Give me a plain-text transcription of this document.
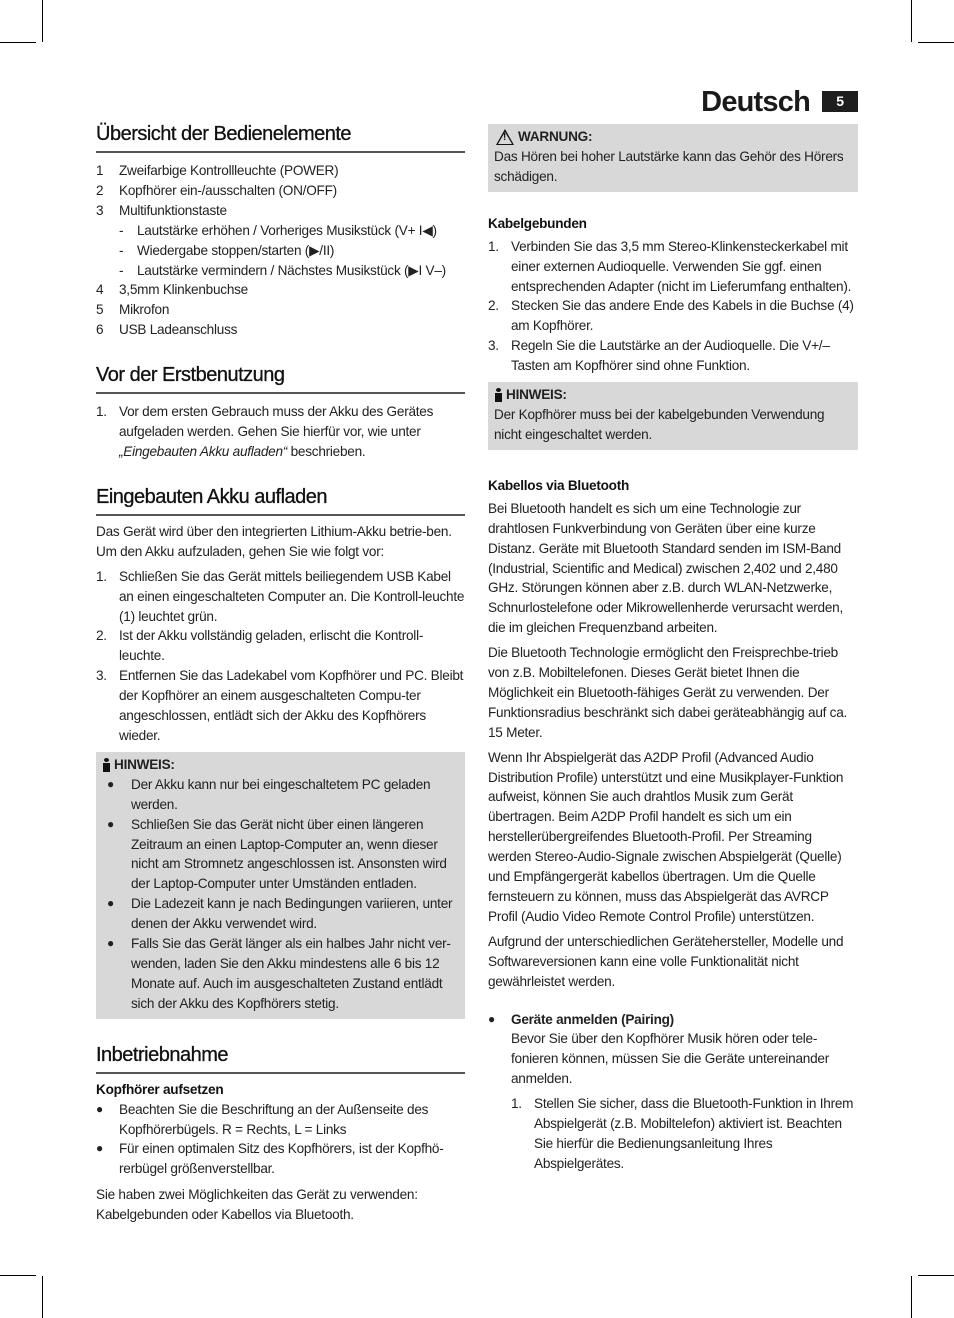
Deutsch	5
Übersicht der Bedienelemente
1 Zweifarbige Kontrollleuchte (POWER)
2 Kopfhörer ein-/ausschalten (ON/OFF)
3 Multifunktionstaste
- Lautstärke erhöhen / Vorheriges Musikstück (V+ I◀)
- Wiedergabe stoppen/starten (▶/II)
- Lautstärke vermindern / Nächstes Musikstück (▶I V–)
4 3,5mm Klinkenbuchse
5 Mikrofon
6 USB Ladeanschluss
Vor der Erstbenutzung
1. Vor dem ersten Gebrauch muss der Akku des Gerätes aufgeladen werden. Gehen Sie hierfür vor, wie unter „Eingebauten Akku aufladen“ beschrieben.
Eingebauten Akku aufladen

Das Gerät wird über den integrierten Lithium-Akku betrie-ben. Um den Akku aufzuladen, gehen Sie wie folgt vor:

1. Schließen Sie das Gerät mittels beiliegendem USB Kabel an einen eingeschalteten Computer an. Die Kontroll-leuchte (1) leuchtet grün.
2. Ist der Akku vollständig geladen, erlischt die Kontroll-leuchte.
3. Entfernen Sie das Ladekabel vom Kopfhörer und PC. Bleibt der Kopfhörer an einem ausgeschalteten Compu-ter angeschlossen, entlädt sich der Akku des Kopfhörers wieder.
HINWEIS:
● Der Akku kann nur bei eingeschaltetem PC geladen werden.
● Schließen Sie das Gerät nicht über einen längeren Zeitraum an einen Laptop-Computer an, wenn dieser nicht am Stromnetz angeschlossen ist. Ansonsten wird der Laptop-Computer unter Umständen entladen.
● Die Ladezeit kann je nach Bedingungen variieren, unter denen der Akku verwendet wird.
● Falls Sie das Gerät länger als ein halbes Jahr nicht ver-wenden, laden Sie den Akku mindestens alle 6 bis 12 Monate auf. Auch im ausgeschalteten Zustand entlädt sich der Akku des Kopfhörers stetig.
Inbetriebnahme
Kopfhörer aufsetzen
● Beachten Sie die Beschriftung an der Außenseite des Kopfhörerbügels. R = Rechts, L = Links
● Für einen optimalen Sitz des Kopfhörers, ist der Kopfhö-rerbügel größenverstellbar.

Sie haben zwei Möglichkeiten das Gerät zu verwenden: Kabelgebunden oder Kabellos via Bluetooth.

!
WARNUNG:

Das Hören bei hoher Lautstärke kann das Gehör des Hörers schädigen.

Kabelgebunden
1. Verbinden Sie das 3,5 mm Stereo-Klinkensteckerkabel mit einer externen Audioquelle. Verwenden Sie ggf. einen entsprechenden Adapter (nicht im Lieferumfang enthalten).
2. Stecken Sie das andere Ende des Kabels in die Buchse (4) am Kopfhörer.
3. Regeln Sie die Lautstärke an der Audioquelle. Die V+/– Tasten am Kopfhörer sind ohne Funktion.
HINWEIS:

Der Kopfhörer muss bei der kabelgebunden Verwendung nicht eingeschaltet werden.

Kabellos via Bluetooth

Bei Bluetooth handelt es sich um eine Technologie zur drahtlosen Funkverbindung von Geräten über eine kurze Distanz. Geräte mit Bluetooth Standard senden im ISM-Band (Industrial, Scientific and Medical) zwischen 2,402 und 2,480 GHz. Störungen können aber z.B. durch WLAN-Netzwerke, Schnurlostelefone oder Mikrowellenherde verursacht werden, die im gleichen Frequenzband arbeiten.

Die Bluetooth Technologie ermöglicht den Freisprechbe-trieb von z.B. Mobiltelefonen. Dieses Gerät bietet Ihnen die Möglichkeit ein Bluetooth-fähiges Gerät zu verwenden. Der Funktionsradius beschränkt sich dabei geräteabhängig auf ca. 15 Meter.

Wenn Ihr Abspielgerät das A2DP Profil (Advanced Audio Distribution Profile) unterstützt und eine Musikplayer-Funktion aufweist, können Sie auch drahtlos Musik zum Gerät übertragen. Beim A2DP Profil handelt es sich um ein herstellerübergreifendes Bluetooth-Profil. Per Streaming werden Stereo-Audio-Signale zwischen Abspielgerät (Quelle) und Empfängergerät kabellos übertragen. Um die Quelle fernsteuern zu können, muss das Abspielgerät das AVRCP Profil (Audio Video Remote Control Profile) unterstützen.

Aufgrund der unterschiedlichen Gerätehersteller, Modelle und Softwareversionen kann eine volle Funktionalität nicht gewährleistet werden.

● Geräte anmelden (Pairing)
Bevor Sie über den Kopfhörer Musik hören oder tele-fonieren können, müssen Sie die Geräte untereinander anmelden.
1. Stellen Sie sicher, dass die Bluetooth-Funktion in Ihrem Abspielgerät (z.B. Mobiltelefon) aktiviert ist. Beachten Sie hierfür die Bedienungsanleitung Ihres Abspielgerätes.
